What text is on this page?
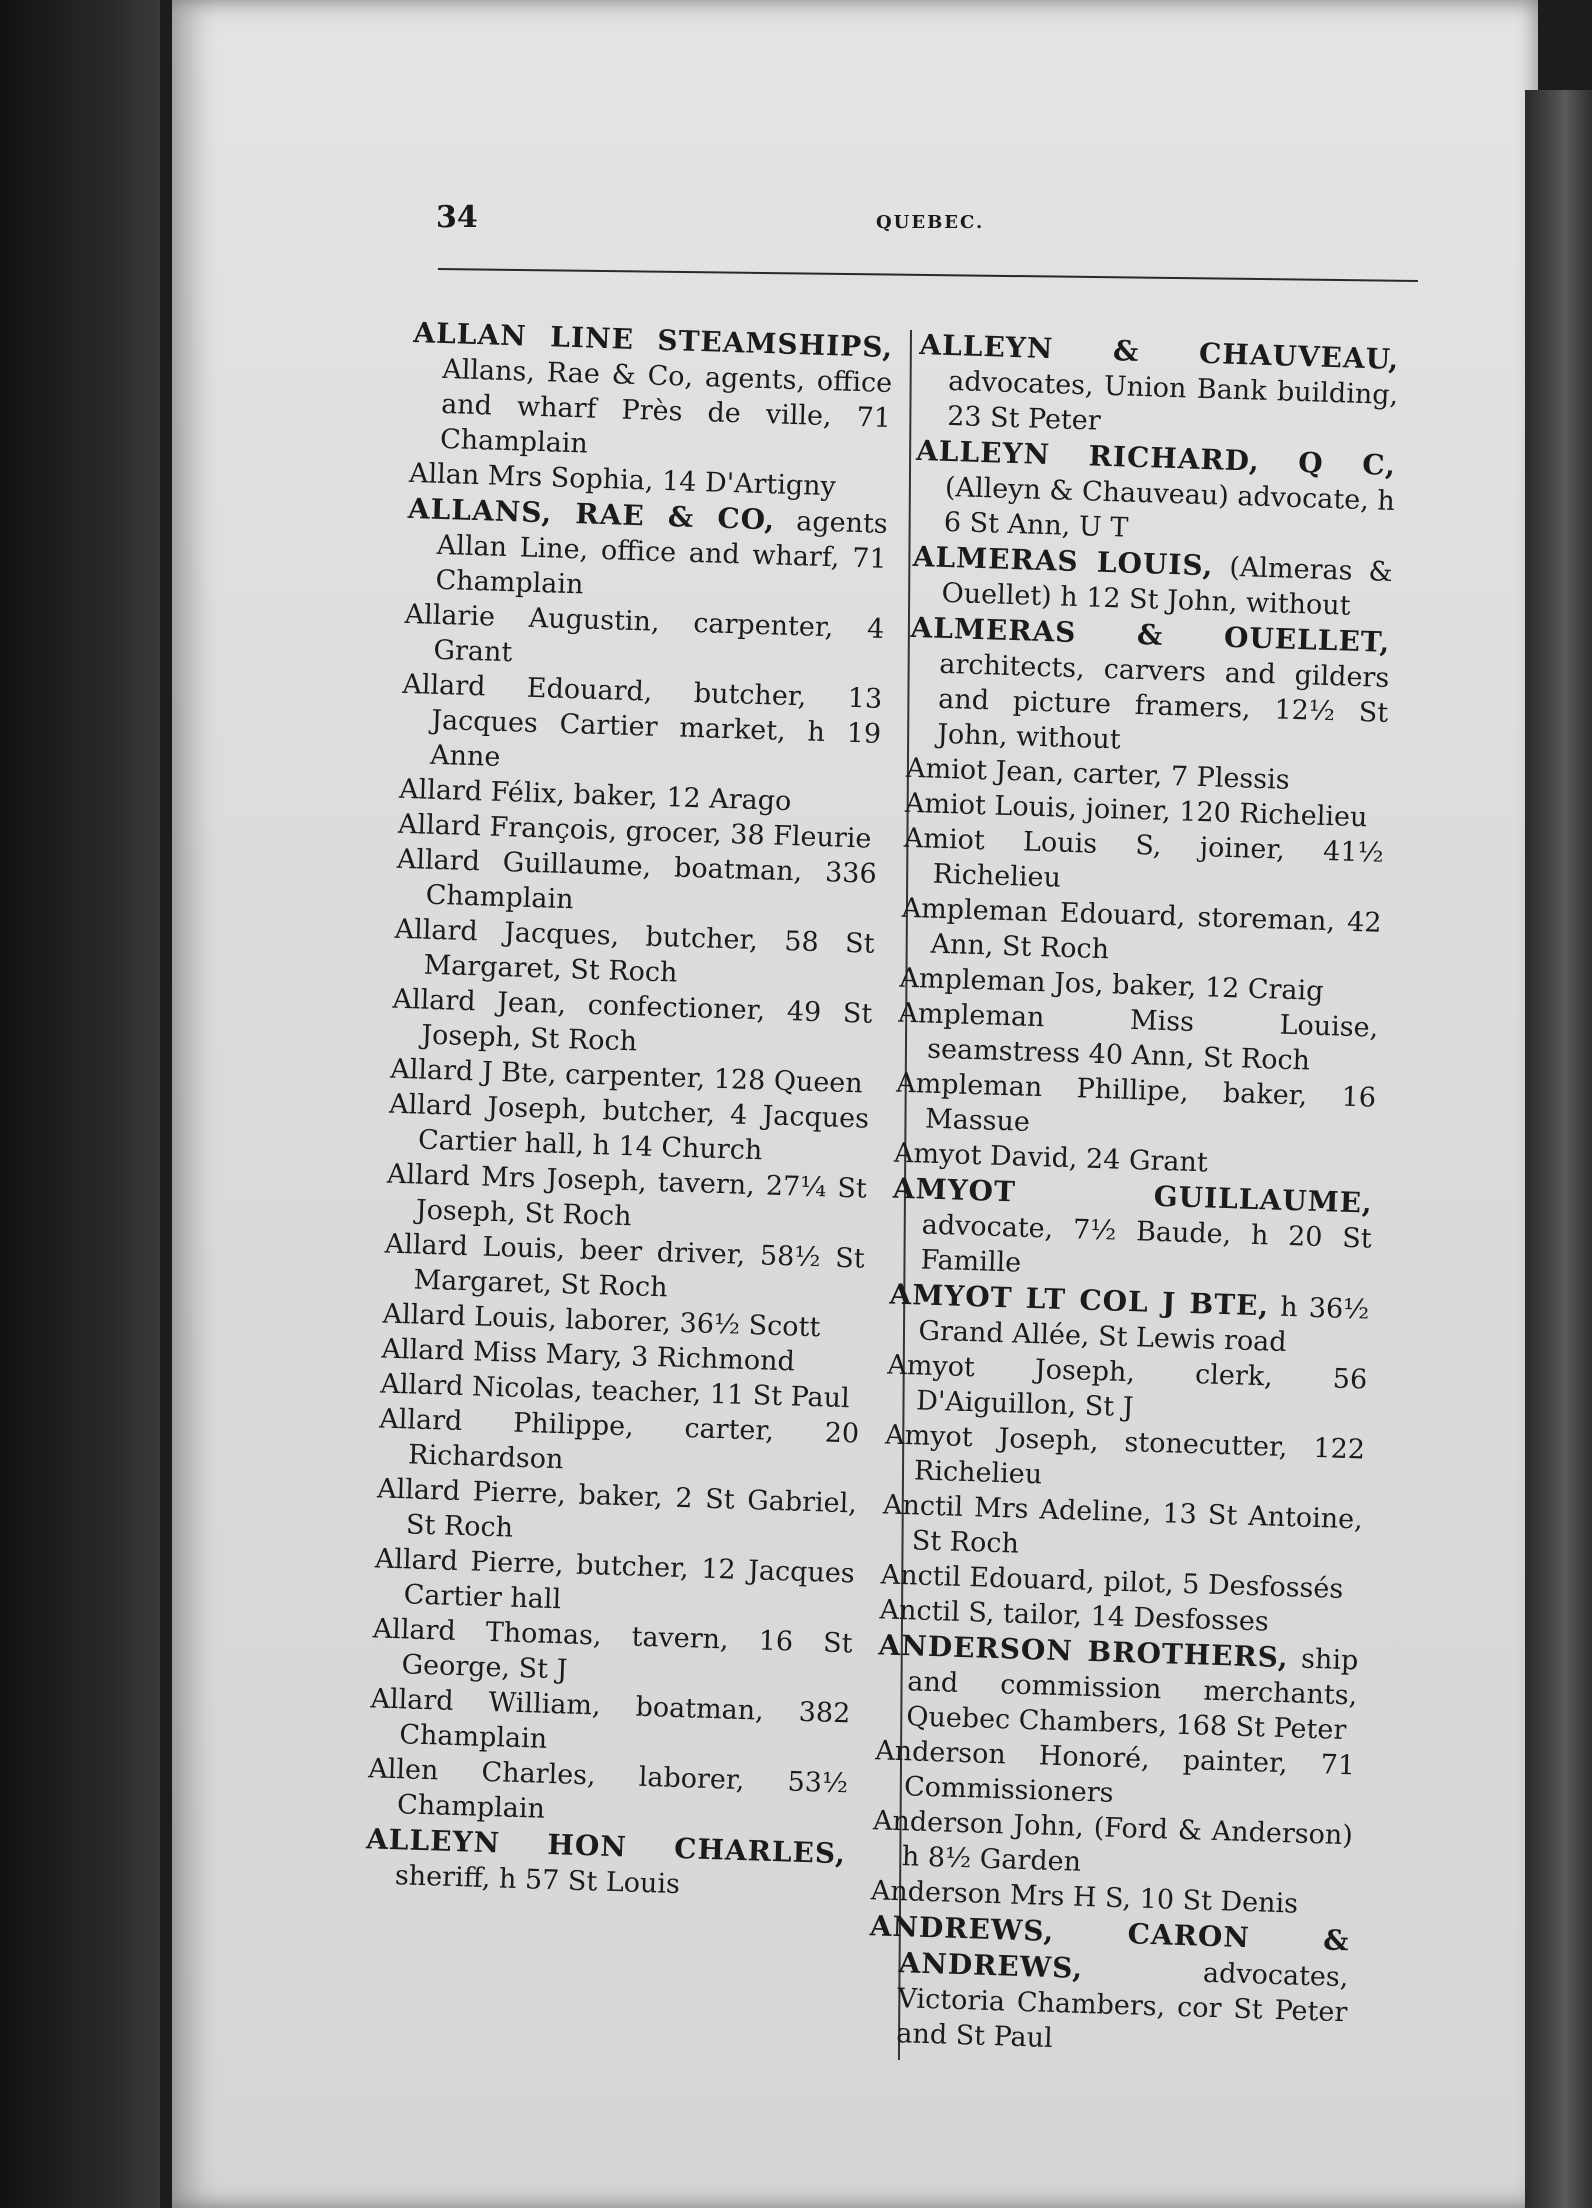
34	QUEBEC.
ALLAN LINE STEAMSHIPS, Allans, Rae & Co, agents, office and wharf Près de ville, 71 Champlain
Allan Mrs Sophia, 14 D'Artigny
ALLANS, RAE & CO, agents Allan Line, office and wharf, 71 Champlain
Allarie Augustin, carpenter, 4 Grant
Allard Edouard, butcher, 13 Jacques Cartier market, h 19 Anne
Allard Félix, baker, 12 Arago
Allard François, grocer, 38 Fleurie
Allard Guillaume, boatman, 336 Champlain
Allard Jacques, butcher, 58 St Margaret, St Roch
Allard Jean, confectioner, 49 St Joseph, St Roch
Allard J Bte, carpenter, 128 Queen
Allard Joseph, butcher, 4 Jacques Cartier hall, h 14 Church
Allard Mrs Joseph, tavern, 27¼ St Joseph, St Roch
Allard Louis, beer driver, 58½ St Margaret, St Roch
Allard Louis, laborer, 36½ Scott
Allard Miss Mary, 3 Richmond
Allard Nicolas, teacher, 11 St Paul
Allard Philippe, carter, 20 Richardson
Allard Pierre, baker, 2 St Gabriel, St Roch
Allard Pierre, butcher, 12 Jacques Cartier hall
Allard Thomas, tavern, 16 St George, St J
Allard William, boatman, 382 Champlain
Allen Charles, laborer, 53½ Champlain
ALLEYN HON CHARLES, sheriff, h 57 St Louis
ALLEYN & CHAUVEAU, advocates, Union Bank building, 23 St Peter
ALLEYN RICHARD, Q C, (Alleyn & Chauveau) advocate, h 6 St Ann, U T
ALMERAS LOUIS, (Almeras & Ouellet) h 12 St John, without
ALMERAS & OUELLET, architects, carvers and gilders and picture framers, 12½ St John, without
Amiot Jean, carter, 7 Plessis
Amiot Louis, joiner, 120 Richelieu
Amiot Louis S, joiner, 41½ Richelieu
Ampleman Edouard, storeman, 42 Ann, St Roch
Ampleman Jos, baker, 12 Craig
Ampleman Miss Louise, seamstress 40 Ann, St Roch
Ampleman Phillipe, baker, 16 Massue
Amyot David, 24 Grant
AMYOT GUILLAUME, advocate, 7½ Baude, h 20 St Famille
AMYOT LT COL J BTE, h 36½ Grand Allée, St Lewis road
Amyot Joseph, clerk, 56 D'Aiguillon, St J
Amyot Joseph, stonecutter, 122 Richelieu
Anctil Mrs Adeline, 13 St Antoine, St Roch
Anctil Edouard, pilot, 5 Desfossés
Anctil S, tailor, 14 Desfosses
ANDERSON BROTHERS, ship and commission merchants, Quebec Chambers, 168 St Peter
Anderson Honoré, painter, 71 Commissioners
Anderson John, (Ford & Anderson) h 8½ Garden
Anderson Mrs H S, 10 St Denis
ANDREWS, CARON & ANDREWS, advocates, Victoria Chambers, cor St Peter and St Paul
